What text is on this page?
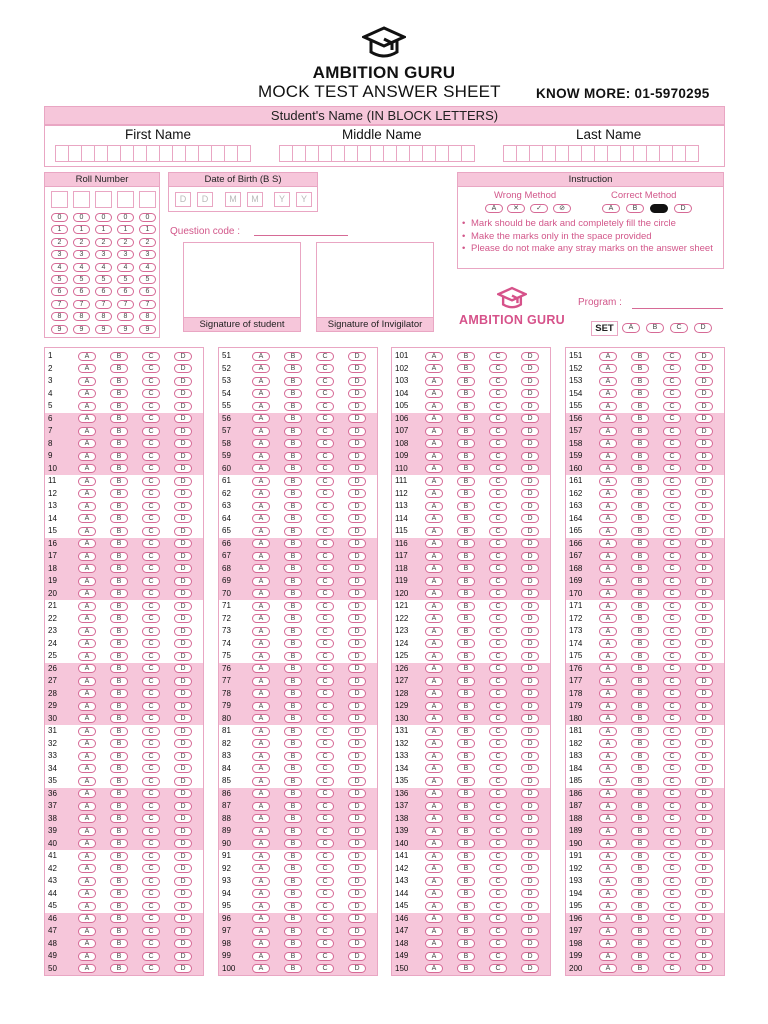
AMBITION GURU
MOCK TEST ANSWER SHEET	KNOW MORE: 01-5970295
Student's Name (IN BLOCK LETTERS)
First Name	Middle Name	Last Name
Roll Number
0	0	0	0	0
1	1	1	1	1
2	2	2	2	2
3	3	3	3	3
4	4	4	4	4
5	5	5	5	5
6	6	6	6	6
7	7	7	7	7
8	8	8	8	8
9	9	9	9	9
Date of Birth (B S)
D	D	M	M	Y	Y
Question code :
Signature of student	Signature of Invigilator
Instruction
Wrong Method	Correct Method
A	✕	✓	⊘	A	B	D
• Mark should be dark and completely fill the circle
• Make the marks only in the space provided
• Please do not make any stray marks on the answer sheet
AMBITION GURU
Program :
SET	A	B	C	D
1	A	B	C	D
2	A	B	C	D
3	A	B	C	D
4	A	B	C	D
5	A	B	C	D
6	A	B	C	D
7	A	B	C	D
8	A	B	C	D
9	A	B	C	D
10	A	B	C	D
11	A	B	C	D
12	A	B	C	D
13	A	B	C	D
14	A	B	C	D
15	A	B	C	D
16	A	B	C	D
17	A	B	C	D
18	A	B	C	D
19	A	B	C	D
20	A	B	C	D
21	A	B	C	D
22	A	B	C	D
23	A	B	C	D
24	A	B	C	D
25	A	B	C	D
26	A	B	C	D
27	A	B	C	D
28	A	B	C	D
29	A	B	C	D
30	A	B	C	D
31	A	B	C	D
32	A	B	C	D
33	A	B	C	D
34	A	B	C	D
35	A	B	C	D
36	A	B	C	D
37	A	B	C	D
38	A	B	C	D
39	A	B	C	D
40	A	B	C	D
41	A	B	C	D
42	A	B	C	D
43	A	B	C	D
44	A	B	C	D
45	A	B	C	D
46	A	B	C	D
47	A	B	C	D
48	A	B	C	D
49	A	B	C	D
50	A	B	C	D
51	A	B	C	D
52	A	B	C	D
53	A	B	C	D
54	A	B	C	D
55	A	B	C	D
56	A	B	C	D
57	A	B	C	D
58	A	B	C	D
59	A	B	C	D
60	A	B	C	D
61	A	B	C	D
62	A	B	C	D
63	A	B	C	D
64	A	B	C	D
65	A	B	C	D
66	A	B	C	D
67	A	B	C	D
68	A	B	C	D
69	A	B	C	D
70	A	B	C	D
71	A	B	C	D
72	A	B	C	D
73	A	B	C	D
74	A	B	C	D
75	A	B	C	D
76	A	B	C	D
77	A	B	C	D
78	A	B	C	D
79	A	B	C	D
80	A	B	C	D
81	A	B	C	D
82	A	B	C	D
83	A	B	C	D
84	A	B	C	D
85	A	B	C	D
86	A	B	C	D
87	A	B	C	D
88	A	B	C	D
89	A	B	C	D
90	A	B	C	D
91	A	B	C	D
92	A	B	C	D
93	A	B	C	D
94	A	B	C	D
95	A	B	C	D
96	A	B	C	D
97	A	B	C	D
98	A	B	C	D
99	A	B	C	D
100	A	B	C	D
101	A	B	C	D
102	A	B	C	D
103	A	B	C	D
104	A	B	C	D
105	A	B	C	D
106	A	B	C	D
107	A	B	C	D
108	A	B	C	D
109	A	B	C	D
110	A	B	C	D
111	A	B	C	D
112	A	B	C	D
113	A	B	C	D
114	A	B	C	D
115	A	B	C	D
116	A	B	C	D
117	A	B	C	D
118	A	B	C	D
119	A	B	C	D
120	A	B	C	D
121	A	B	C	D
122	A	B	C	D
123	A	B	C	D
124	A	B	C	D
125	A	B	C	D
126	A	B	C	D
127	A	B	C	D
128	A	B	C	D
129	A	B	C	D
130	A	B	C	D
131	A	B	C	D
132	A	B	C	D
133	A	B	C	D
134	A	B	C	D
135	A	B	C	D
136	A	B	C	D
137	A	B	C	D
138	A	B	C	D
139	A	B	C	D
140	A	B	C	D
141	A	B	C	D
142	A	B	C	D
143	A	B	C	D
144	A	B	C	D
145	A	B	C	D
146	A	B	C	D
147	A	B	C	D
148	A	B	C	D
149	A	B	C	D
150	A	B	C	D
151	A	B	C	D
152	A	B	C	D
153	A	B	C	D
154	A	B	C	D
155	A	B	C	D
156	A	B	C	D
157	A	B	C	D
158	A	B	C	D
159	A	B	C	D
160	A	B	C	D
161	A	B	C	D
162	A	B	C	D
163	A	B	C	D
164	A	B	C	D
165	A	B	C	D
166	A	B	C	D
167	A	B	C	D
168	A	B	C	D
169	A	B	C	D
170	A	B	C	D
171	A	B	C	D
172	A	B	C	D
173	A	B	C	D
174	A	B	C	D
175	A	B	C	D
176	A	B	C	D
177	A	B	C	D
178	A	B	C	D
179	A	B	C	D
180	A	B	C	D
181	A	B	C	D
182	A	B	C	D
183	A	B	C	D
184	A	B	C	D
185	A	B	C	D
186	A	B	C	D
187	A	B	C	D
188	A	B	C	D
189	A	B	C	D
190	A	B	C	D
191	A	B	C	D
192	A	B	C	D
193	A	B	C	D
194	A	B	C	D
195	A	B	C	D
196	A	B	C	D
197	A	B	C	D
198	A	B	C	D
199	A	B	C	D
200	A	B	C	D
